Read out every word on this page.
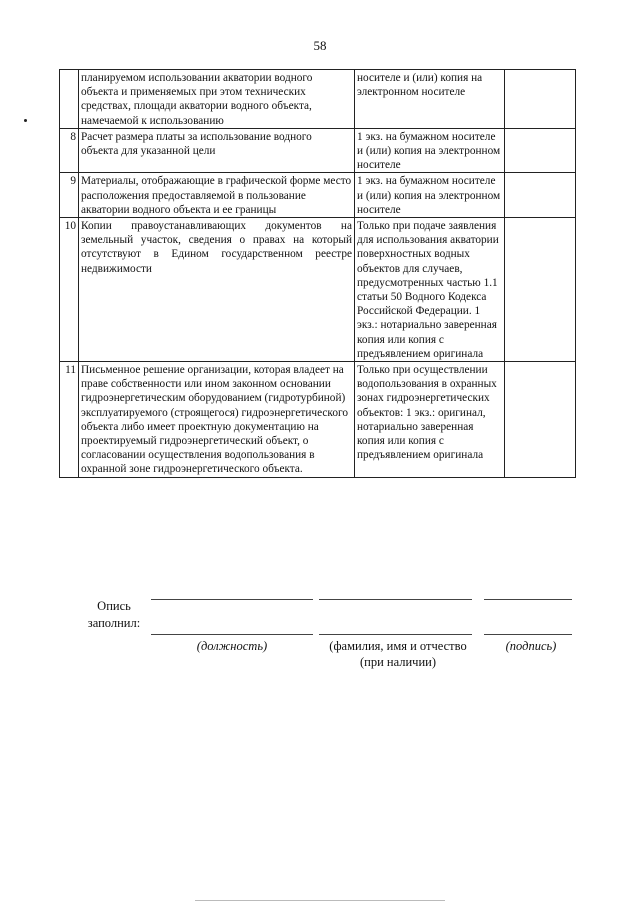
58
	планируемом использовании акватории водного объекта и применяемых при этом технических средствах, площади акватории водного объекта, намечаемой к использованию	носителе и (или) копия на электронном носителе	
8	Расчет размера платы за использование водного объекта для указанной цели	1 экз. на бумажном носителе и (или) копия на электронном носителе	
9	Материалы, отображающие в графической форме место расположения предоставляемой в пользование акватории водного объекта и ее границы	1 экз. на бумажном носителе и (или) копия на электронном носителе	
10	Копии правоустанавливающих документов на земельный участок, сведения о правах на который отсутствуют в Едином государственном реестре недвижимости	Только при подаче заявления для использования акватории поверхностных водных объектов для случаев, предусмотренных частью 1.1 статьи 50 Водного Кодекса Российской Федерации. 1 экз.: нотариально заверенная копия или копия с предъявлением оригинала	
11	Письменное решение организации, которая владеет на праве собственности или ином законном основании гидроэнергетическим оборудованием (гидротурбиной) эксплуатируемого (строящегося) гидроэнергетического объекта либо имеет проектную документацию на проектируемый гидроэнергетический объект, о согласовании осуществления водопользования в охранной зоне гидроэнергетического объекта.	Только при осуществлении водопользования в охранных зонах гидроэнергетических объектов: 1 экз.: оригинал, нотариально заверенная копия или копия с предъявлением оригинала	
Опись заполнил:
(должность)	(фамилия, имя и отчество (при наличии)
(подпись)
